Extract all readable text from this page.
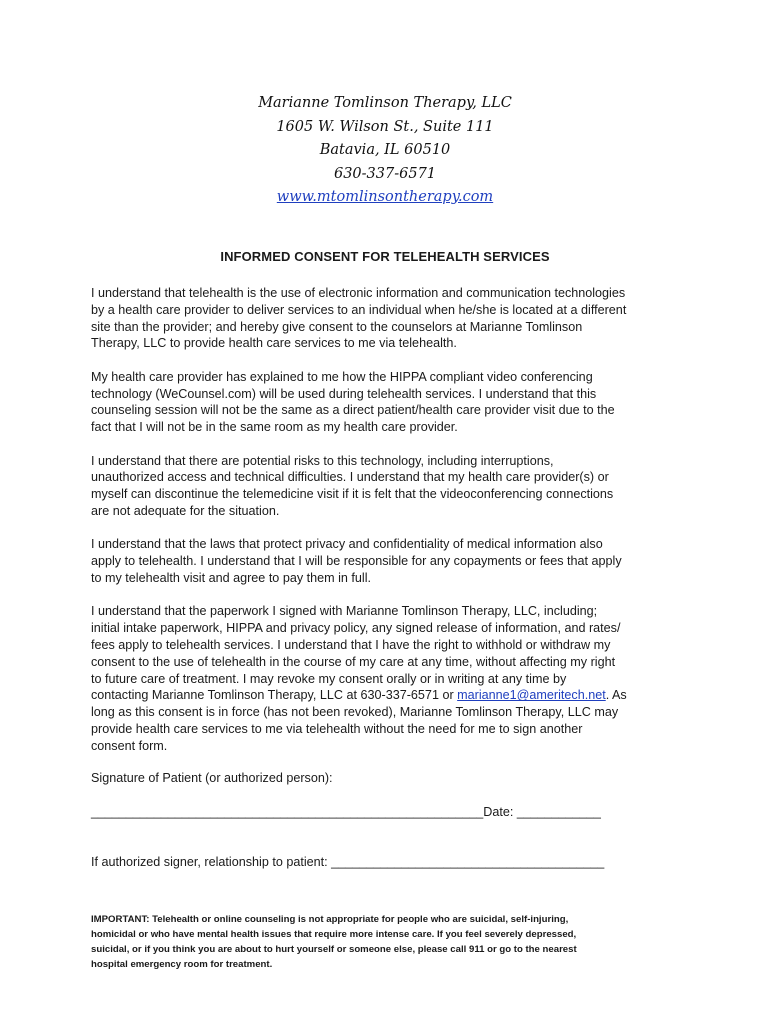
Marianne Tomlinson Therapy, LLC
1605 W. Wilson St., Suite 111
Batavia, IL 60510
630-337-6571
www.mtomlinsontherapy.com
INFORMED CONSENT FOR TELEHEALTH SERVICES

I understand that telehealth is the use of electronic information and communication technologies
by a health care provider to deliver services to an individual when he/she is located at a different
site than the provider; and hereby give consent to the counselors at Marianne Tomlinson
Therapy, LLC to provide health care services to me via telehealth.

My health care provider has explained to me how the HIPPA compliant video conferencing
technology (WeCounsel.com) will be used during telehealth services. I understand that this
counseling session will not be the same as a direct patient/health care provider visit due to the
fact that I will not be in the same room as my health care provider.

I understand that there are potential risks to this technology, including interruptions,
unauthorized access and technical difficulties. I understand that my health care provider(s) or
myself can discontinue the telemedicine visit if it is felt that the videoconferencing connections
are not adequate for the situation.

I understand that the laws that protect privacy and confidentiality of medical information also
apply to telehealth. I understand that I will be responsible for any copayments or fees that apply
to my telehealth visit and agree to pay them in full.

I understand that the paperwork I signed with Marianne Tomlinson Therapy, LLC, including;
initial intake paperwork, HIPPA and privacy policy, any signed release of information, and rates/
fees apply to telehealth services. I understand that I have the right to withhold or withdraw my
consent to the use of telehealth in the course of my care at any time, without affecting my right
to future care of treatment. I may revoke my consent orally or in writing at any time by
contacting Marianne Tomlinson Therapy, LLC at 630-337-6571 or marianne1@ameritech.net. As
long as this consent is in force (has not been revoked), Marianne Tomlinson Therapy, LLC may
provide health care services to me via telehealth without the need for me to sign another
consent form.

Signature of Patient (or authorized person):
________________________________________________________Date: ____________
If authorized signer, relationship to patient: _______________________________________
IMPORTANT: Telehealth or online counseling is not appropriate for people who are suicidal, self-injuring,
homicidal or who have mental health issues that require more intense care. If you feel severely depressed,
suicidal, or if you think you are about to hurt yourself or someone else, please call 911 or go to the nearest
hospital emergency room for treatment.
